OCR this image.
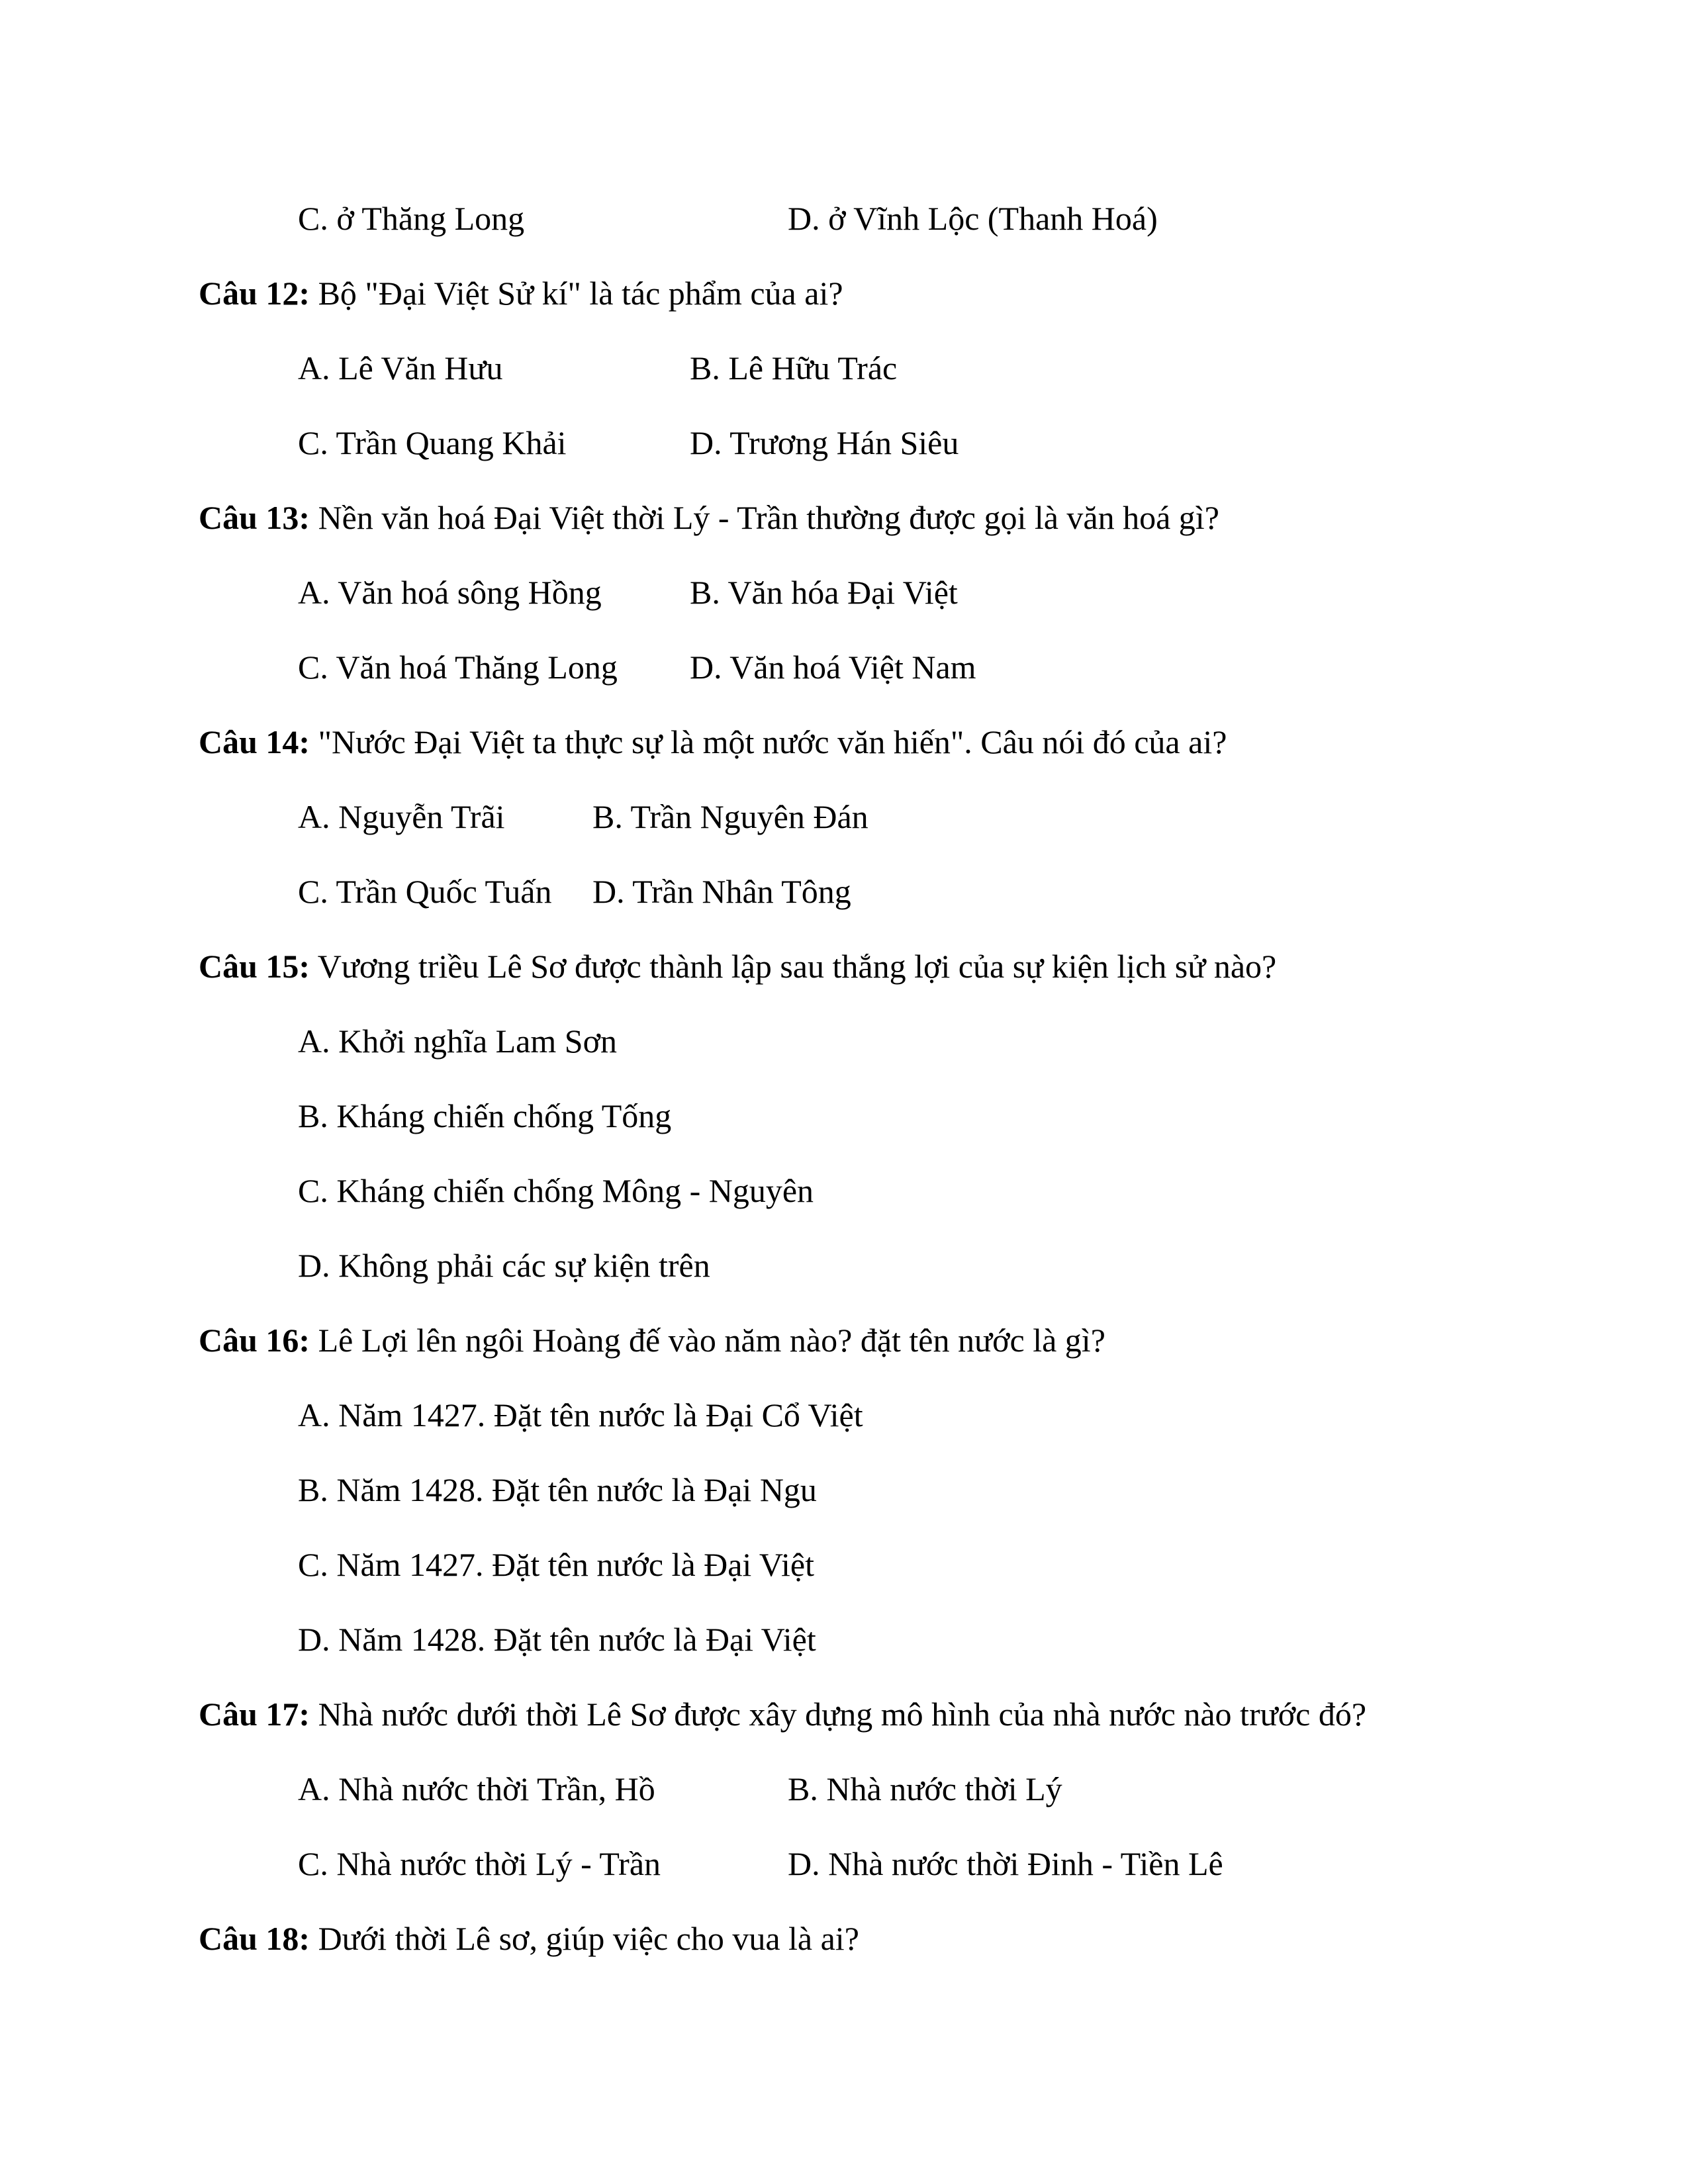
C. ở Thăng Long	D. ở Vĩnh Lộc (Thanh Hoá)
Câu 12: Bộ "Đại Việt Sử kí" là tác phẩm của ai?
A. Lê Văn Hưu	B. Lê Hữu Trác
C. Trần Quang Khải	D. Trương Hán Siêu
Câu 13: Nền văn hoá Đại Việt thời Lý - Trần thường được gọi là văn hoá gì?
A. Văn hoá sông Hồng	B. Văn hóa Đại Việt
C. Văn hoá Thăng Long D. Văn hoá Việt Nam
Câu 14: "Nước Đại Việt ta thực sự là một nước văn hiến". Câu nói đó của ai?
A. Nguyễn Trãi	B. Trần Nguyên Đán
C. Trần Quốc Tuấn D. Trần Nhân Tông
Câu 15: Vương triều Lê Sơ được thành lập sau thắng lợi của sự kiện lịch sử nào?
A. Khởi nghĩa Lam Sơn
B. Kháng chiến chống Tống
C. Kháng chiến chống Mông - Nguyên
D. Không phải các sự kiện trên
Câu 16: Lê Lợi lên ngôi Hoàng đế vào năm nào? đặt tên nước là gì?
A. Năm 1427. Đặt tên nước là Đại Cổ Việt
B. Năm 1428. Đặt tên nước là Đại Ngu
C. Năm 1427. Đặt tên nước là Đại Việt
D. Năm 1428. Đặt tên nước là Đại Việt
Câu 17: Nhà nước dưới thời Lê Sơ được xây dựng mô hình của nhà nước nào trước đó?
A. Nhà nước thời Trần, Hồ	B. Nhà nước thời Lý
C. Nhà nước thời Lý - Trần	D. Nhà nước thời Đinh - Tiền Lê
Câu 18: Dưới thời Lê sơ, giúp việc cho vua là ai?
